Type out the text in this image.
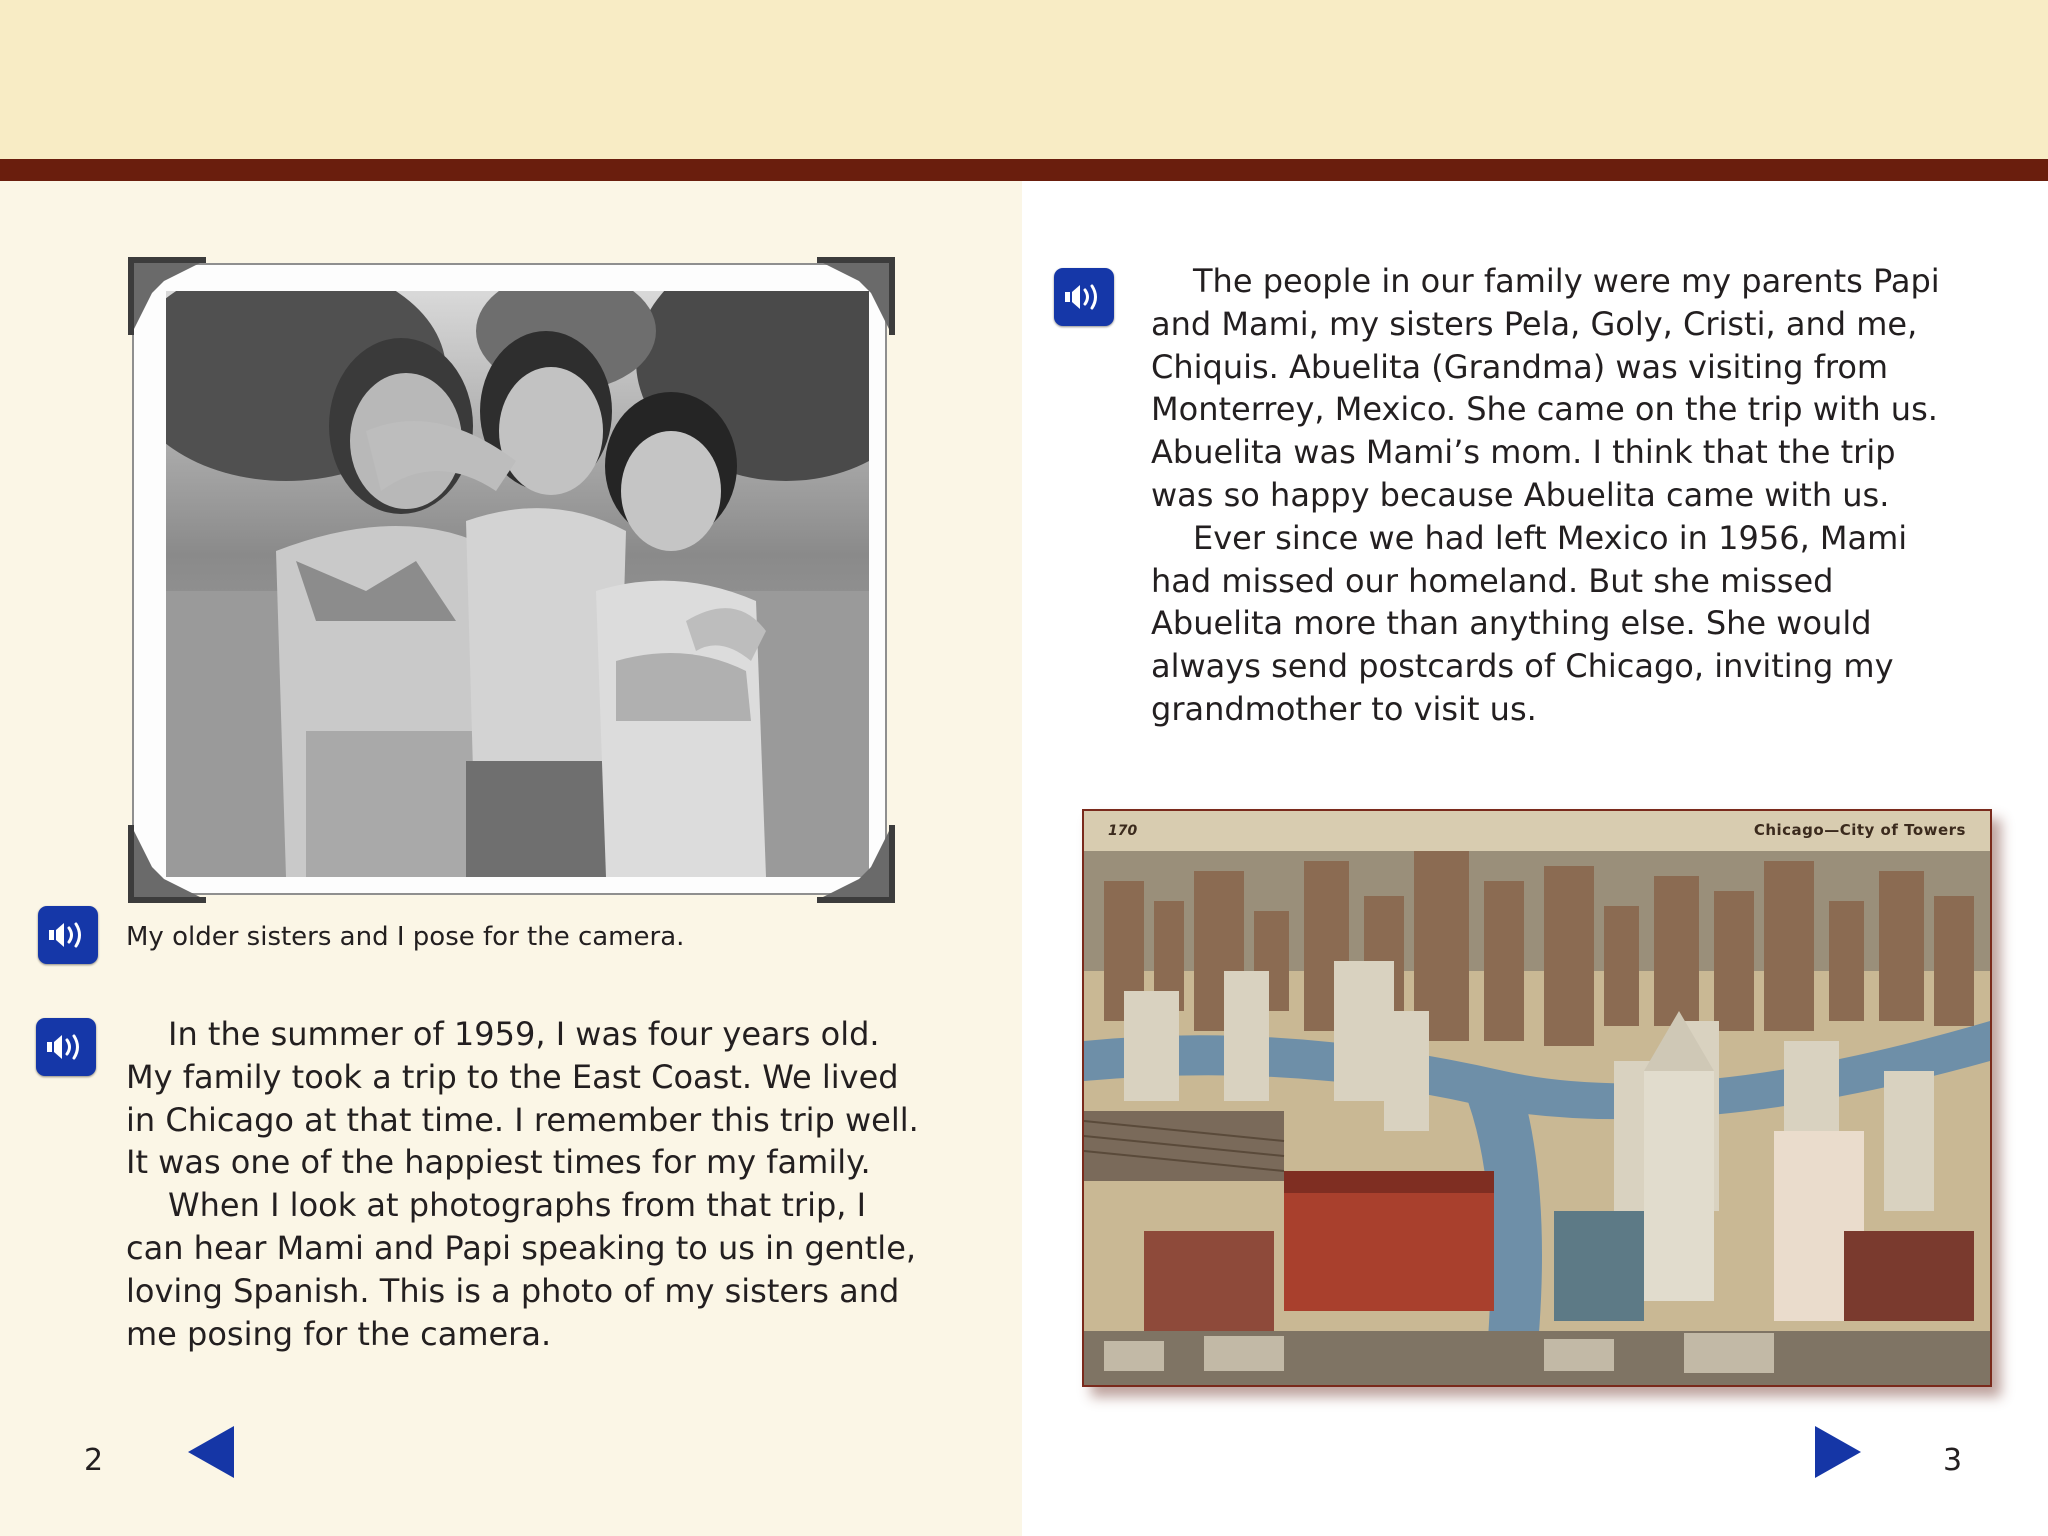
My older sisters and I pose for the camera.

In the summer of 1959, I was four years old.
My family took a trip to the East Coast. We lived
in Chicago at that time. I remember this trip well.
It was one of the happiest times for my family.

When I look at photographs from that trip, I
can hear Mami and Papi speaking to us in gentle,
loving Spanish. This is a photo of my sisters and
me posing for the camera.

The people in our family were my parents Papi
and Mami, my sisters Pela, Goly, Cristi, and me,
Chiquis. Abuelita (Grandma) was visiting from
Monterrey, Mexico. She came on the trip with us.
Abuelita was Mami’s mom. I think that the trip
was so happy because Abuelita came with us.

Ever since we had left Mexico in 1956, Mami
had missed our homeland. But she missed
Abuelita more than anything else. She would
always send postcards of Chicago, inviting my
grandmother to visit us.

170	Chicago—City of Towers
2	3
